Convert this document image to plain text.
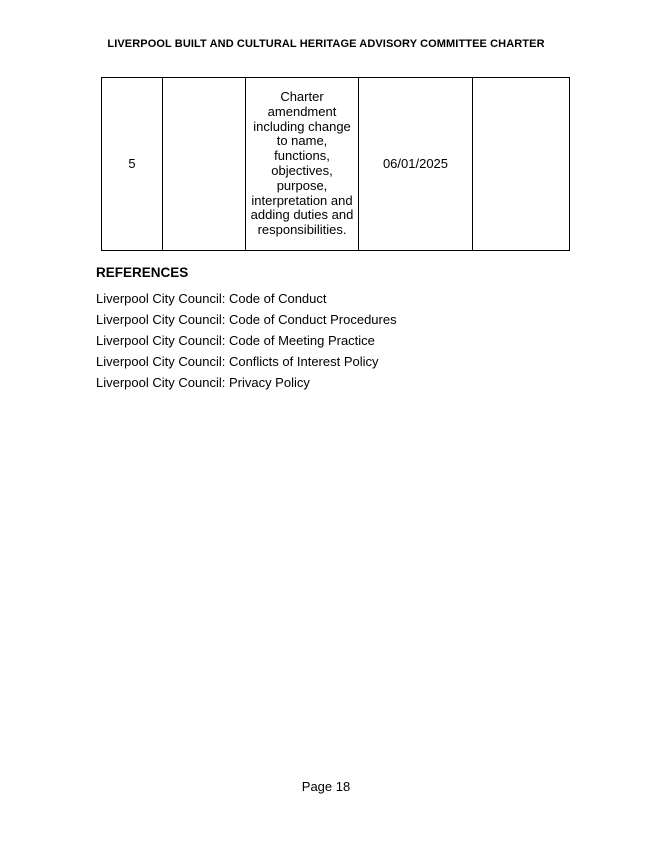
LIVERPOOL BUILT AND CULTURAL HERITAGE ADVISORY COMMITTEE CHARTER
5		Charter amendment including change to name, functions, objectives, purpose, interpretation and adding duties and responsibilities.	06/01/2025	
REFERENCES
Liverpool City Council: Code of Conduct
Liverpool City Council: Code of Conduct Procedures
Liverpool City Council: Code of Meeting Practice
Liverpool City Council: Conflicts of Interest Policy
Liverpool City Council: Privacy Policy
Page 18
